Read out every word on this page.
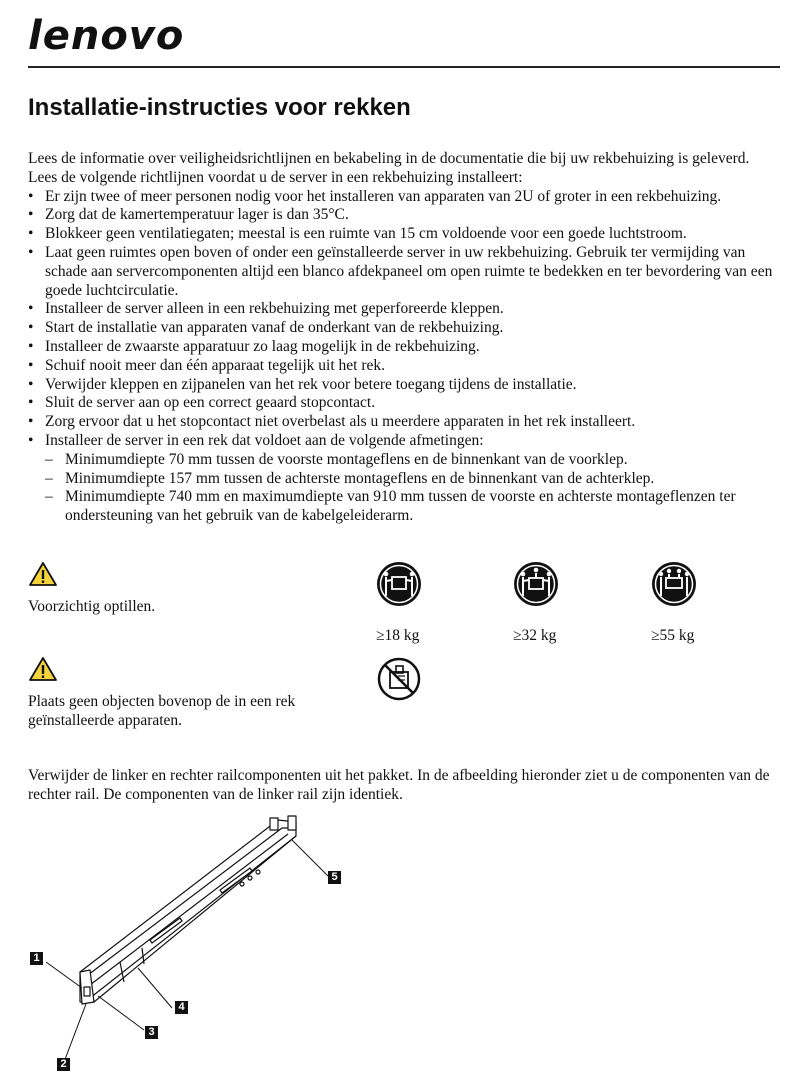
lenovo
Installatie-instructies voor rekken

Lees de informatie over veiligheidsrichtlijnen en bekabeling in de documentatie die bij uw rekbehuizing is geleverd. Lees de volgende richtlijnen voordat u de server in een rekbehuizing installeert:

• Er zijn twee of meer personen nodig voor het installeren van apparaten van 2U of groter in een rekbehuizing.
• Zorg dat de kamertemperatuur lager is dan 35°C.
• Blokkeer geen ventilatiegaten; meestal is een ruimte van 15 cm voldoende voor een goede luchtstroom.
• Laat geen ruimtes open boven of onder een geïnstalleerde server in uw rekbehuizing. Gebruik ter vermijding van schade aan servercomponenten altijd een blanco afdekpaneel om open ruimte te bedekken en ter bevordering van een goede luchtcirculatie.
• Installeer de server alleen in een rekbehuizing met geperforeerde kleppen.
• Start de installatie van apparaten vanaf de onderkant van de rekbehuizing.
• Installeer de zwaarste apparatuur zo laag mogelijk in de rekbehuizing.
• Schuif nooit meer dan één apparaat tegelijk uit het rek.
• Verwijder kleppen en zijpanelen van het rek voor betere toegang tijdens de installatie.
• Sluit de server aan op een correct geaard stopcontact.
• Zorg ervoor dat u het stopcontact niet overbelast als u meerdere apparaten in het rek installeert.
• Installeer de server in een rek dat voldoet aan de volgende afmetingen:
– Minimumdiepte 70 mm tussen de voorste montageflens en de binnenkant van de voorklep.
– Minimumdiepte 157 mm tussen de achterste montageflens en de binnenkant van de achterklep.
– Minimumdiepte 740 mm en maximumdiepte van 910 mm tussen de voorste en achterste montageflenzen ter ondersteuning van het gebruik van de kabelgeleiderarm.
Voorzichtig optillen.
≥18 kg	≥32 kg	≥55 kg
Plaats geen objecten bovenop de in een rek geïnstalleerde apparaten.

Verwijder de linker en rechter railcomponenten uit het pakket. In de afbeelding hieronder ziet u de componenten van de rechter rail. De componenten van de linker rail zijn identiek.

1
2
3
4
5
